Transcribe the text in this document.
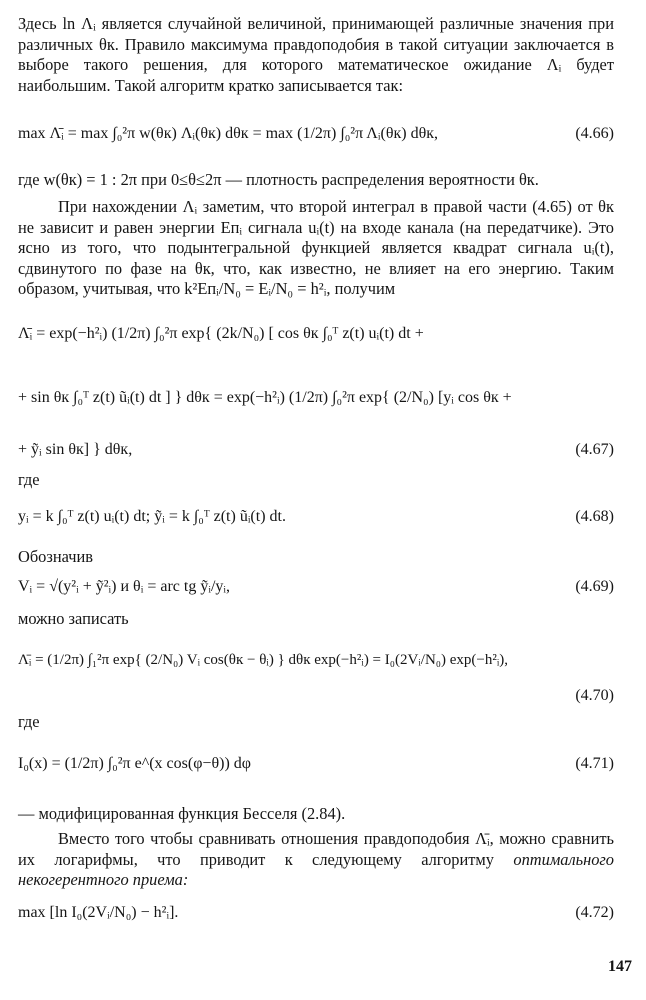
Здесь ln Λᵢ является случайной величиной, принимающей различные значения при различных θк. Правило максимума правдоподобия в такой ситуации заключается в выборе такого решения, для которого математическое ожидание Λᵢ будет наибольшим. Такой алгоритм кратко записывается так:

max Λ̄ᵢ = max ∫₀²π w(θк) Λᵢ(θк) dθк = max (1/2π) ∫₀²π Λᵢ(θк) dθк,	(4.66)

где w(θк) = 1 : 2π при 0≤θ≤2π — плотность распределения вероятности θк.

При нахождении Λᵢ заметим, что второй интеграл в правой части (4.65) от θк не зависит и равен энергии Eпᵢ сигнала uᵢ(t) на входе канала (на передатчике). Это ясно из того, что подынтегральной функцией является квадрат сигнала uᵢ(t), сдвинутого по фазе на θк, что, как известно, не влияет на его энергию. Таким образом, учитывая, что k²Eпᵢ/N₀ = Eᵢ/N₀ = h²ᵢ, получим

Λ̄ᵢ = exp(−h²ᵢ) (1/2π) ∫₀²π exp{ (2k/N₀) [ cos θк ∫₀ᵀ z(t) uᵢ(t) dt +
+ sin θк ∫₀ᵀ z(t) ũᵢ(t) dt ] } dθк = exp(−h²ᵢ) (1/2π) ∫₀²π exp{ (2/N₀) [yᵢ cos θк +
+ ỹᵢ sin θк] } dθк,	(4.67)
где
yᵢ = k ∫₀ᵀ z(t) uᵢ(t) dt; ỹᵢ = k ∫₀ᵀ z(t) ũᵢ(t) dt.	(4.68)
Обозначив
Vᵢ = √(y²ᵢ + ỹ²ᵢ) и θᵢ = arc tg ỹᵢ/yᵢ,	(4.69)
можно записать
Λ̄ᵢ = (1/2π) ∫₁²π exp{ (2/N₀) Vᵢ cos(θк − θᵢ) } dθк exp(−h²ᵢ) = I₀(2Vᵢ/N₀) exp(−h²ᵢ),
(4.70)
где
I₀(x) = (1/2π) ∫₀²π e^(x cos(φ−θ)) dφ	(4.71)

— модифицированная функция Бесселя (2.84).

Вместо того чтобы сравнивать отношения правдоподобия Λ̄ᵢ, можно сравнить их логарифмы, что приводит к следующему алгоритму оптимального некогерентного приема:

max [ln I₀(2Vᵢ/N₀) − h²ᵢ].	(4.72)
147
